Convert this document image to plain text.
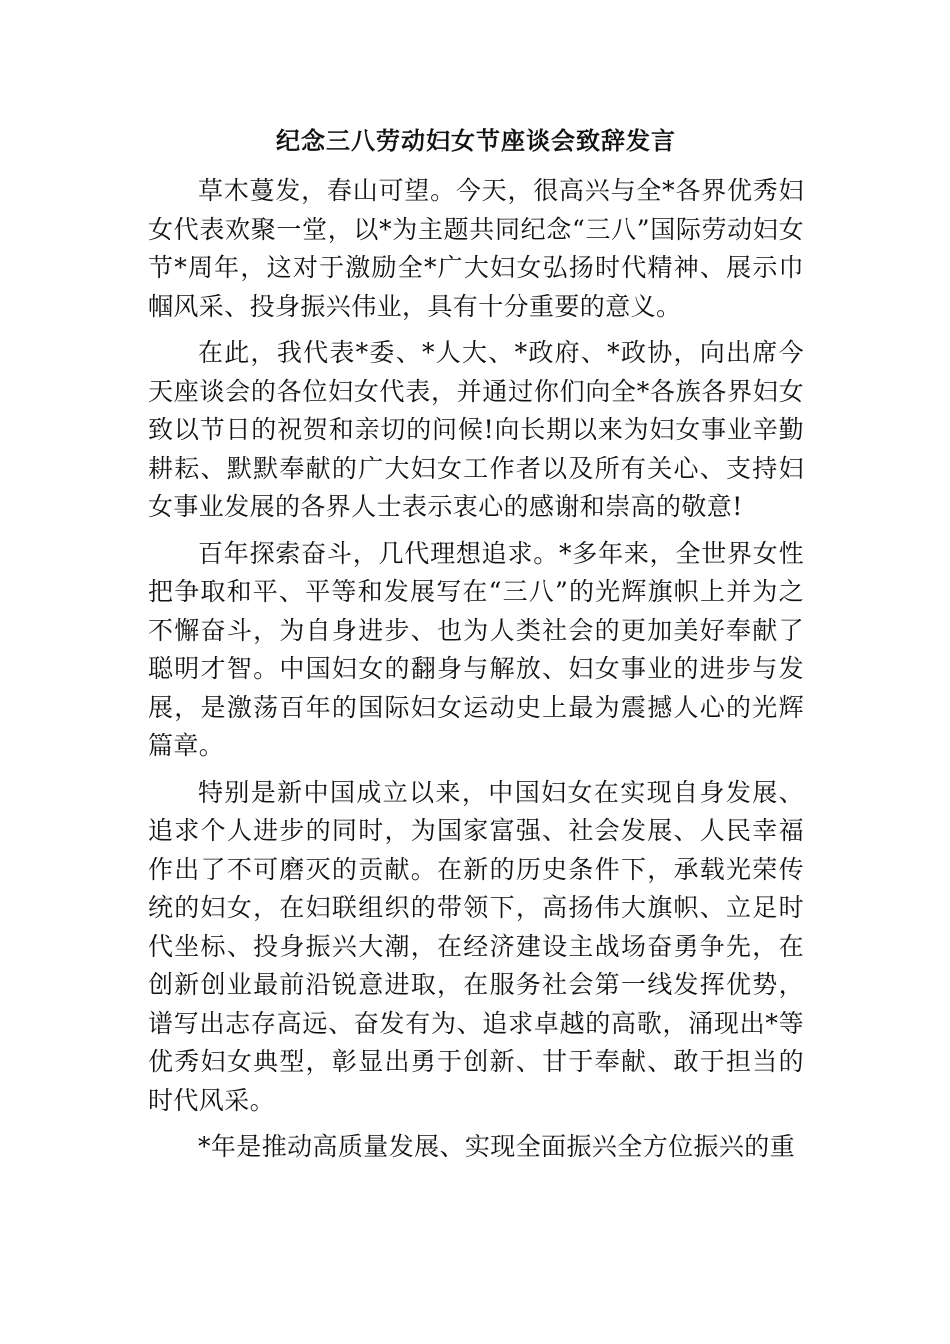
纪念三八劳动妇女节座谈会致辞发言

草木蔓发，春山可望。今天，很高兴与全*各界优秀妇女代表欢聚一堂，以*为主题共同纪念“三八”国际劳动妇女节*周年，这对于激励全*广大妇女弘扬时代精神、展示巾帼风采、投身振兴伟业，具有十分重要的意义。

在此，我代表*委、*人大、*政府、*政协，向出席今天座谈会的各位妇女代表，并通过你们向全*各族各界妇女致以节日的祝贺和亲切的问候!向长期以来为妇女事业辛勤耕耘、默默奉献的广大妇女工作者以及所有关心、支持妇女事业发展的各界人士表示衷心的感谢和崇高的敬意!

百年探索奋斗，几代理想追求。*多年来，全世界女性把争取和平、平等和发展写在“三八”的光辉旗帜上并为之不懈奋斗，为自身进步、也为人类社会的更加美好奉献了聪明才智。中国妇女的翻身与解放、妇女事业的进步与发展，是激荡百年的国际妇女运动史上最为震撼人心的光辉篇章。

特别是新中国成立以来，中国妇女在实现自身发展、追求个人进步的同时，为国家富强、社会发展、人民幸福作出了不可磨灭的贡献。在新的历史条件下，承载光荣传统的妇女，在妇联组织的带领下，高扬伟大旗帜、立足时代坐标、投身振兴大潮，在经济建设主战场奋勇争先，在创新创业最前沿锐意进取，在服务社会第一线发挥优势，谱写出志存高远、奋发有为、追求卓越的高歌，涌现出*等优秀妇女典型，彰显出勇于创新、甘于奉献、敢于担当的时代风采。

*年是推动高质量发展、实现全面振兴全方位振兴的重
